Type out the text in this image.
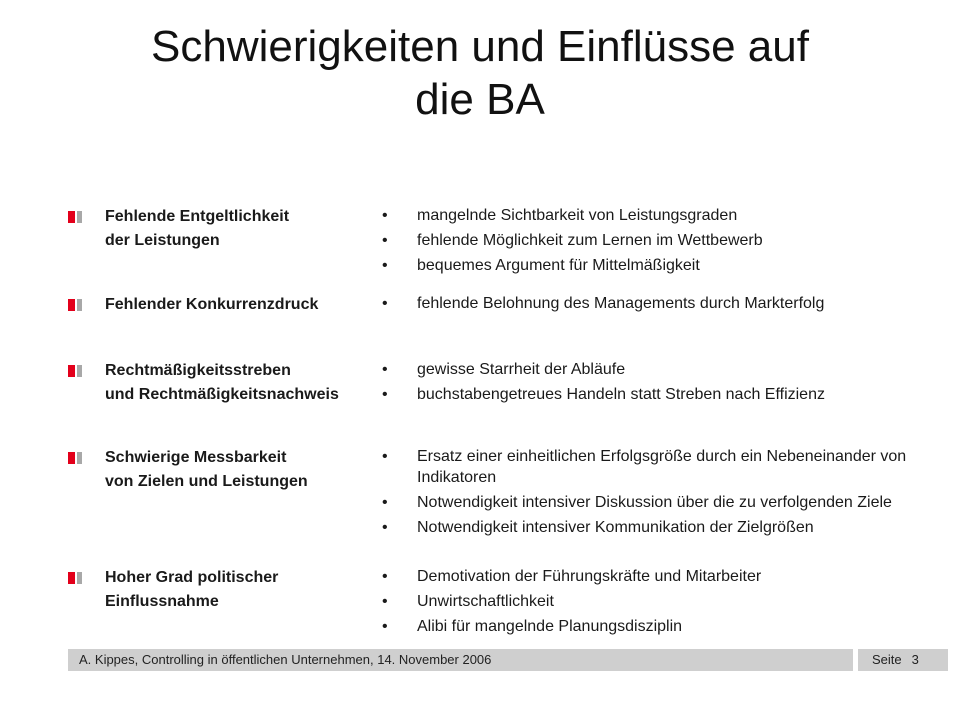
Schwierigkeiten und Einflüsse auf
die BA
Fehlende Entgeltlichkeit
der Leistungen
• mangelnde Sichtbarkeit von Leistungsgraden
• fehlende Möglichkeit zum Lernen im Wettbewerb
• bequemes Argument für Mittelmäßigkeit
Fehlender Konkurrenzdruck	• fehlende Belohnung des Managements durch Markterfolg
Rechtmäßigkeitsstreben
und Rechtmäßigkeitsnachweis
• gewisse Starrheit der Abläufe
• buchstabengetreues Handeln statt Streben nach Effizienz
Schwierige Messbarkeit
von Zielen und Leistungen
• Ersatz einer einheitlichen Erfolgsgröße durch ein Nebeneinander von Indikatoren
• Notwendigkeit intensiver Diskussion über die zu verfolgenden Ziele
• Notwendigkeit intensiver Kommunikation der Zielgrößen
Hoher Grad politischer
Einflussnahme
• Demotivation der Führungskräfte und Mitarbeiter
• Unwirtschaftlichkeit
• Alibi für mangelnde Planungsdisziplin
A. Kippes, Controlling in öffentlichen Unternehmen, 14. November 2006	Seite 3
